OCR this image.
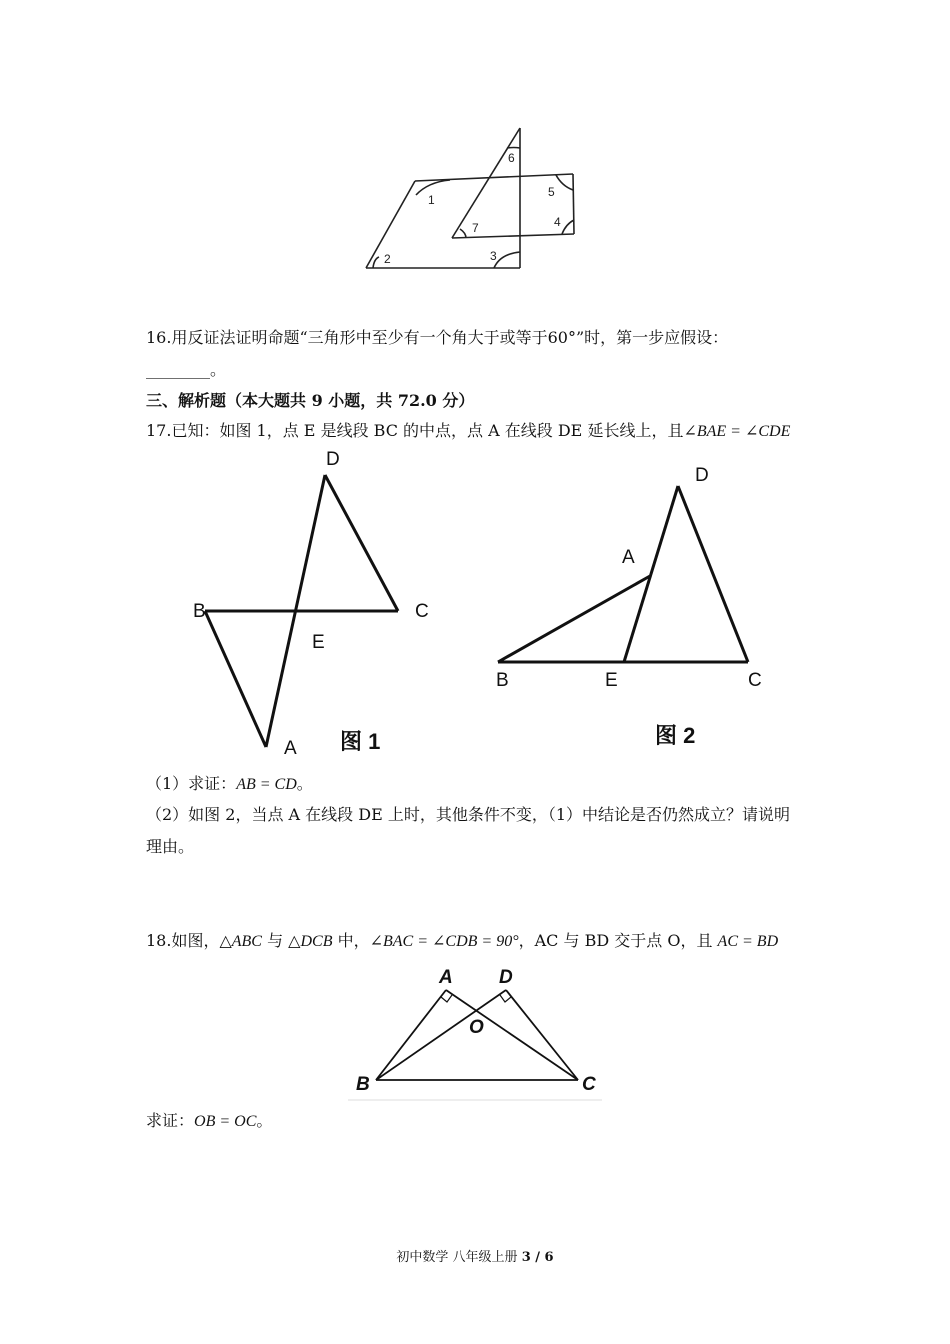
1
2	3
4
5
6
7
16.用反证法证明命题“三角形中至少有一个角大于或等于60°”时，第一步应假设：
________。
三、解析题（本大题共 9 小题，共 72.0 分）
17.已知：如图 1，点 E 是线段 BC 的中点，点 A 在线段 DE 延长线上，且∠BAE = ∠CDE
D
B	C
E
A 图 1
D
A
B	E	C
图 2
（1）求证：AB = CD。
（2）如图 2，当点 A 在线段 DE 上时，其他条件不变，（1）中结论是否仍然成立？请说明
理由。
18.如图，△ABC 与 △DCB 中，∠BAC = ∠CDB = 90°，AC 与 BD 交于点 O，且 AC = BD
A D
O
B	C
求证：OB = OC。
初中数学 八年级上册 3 / 6
